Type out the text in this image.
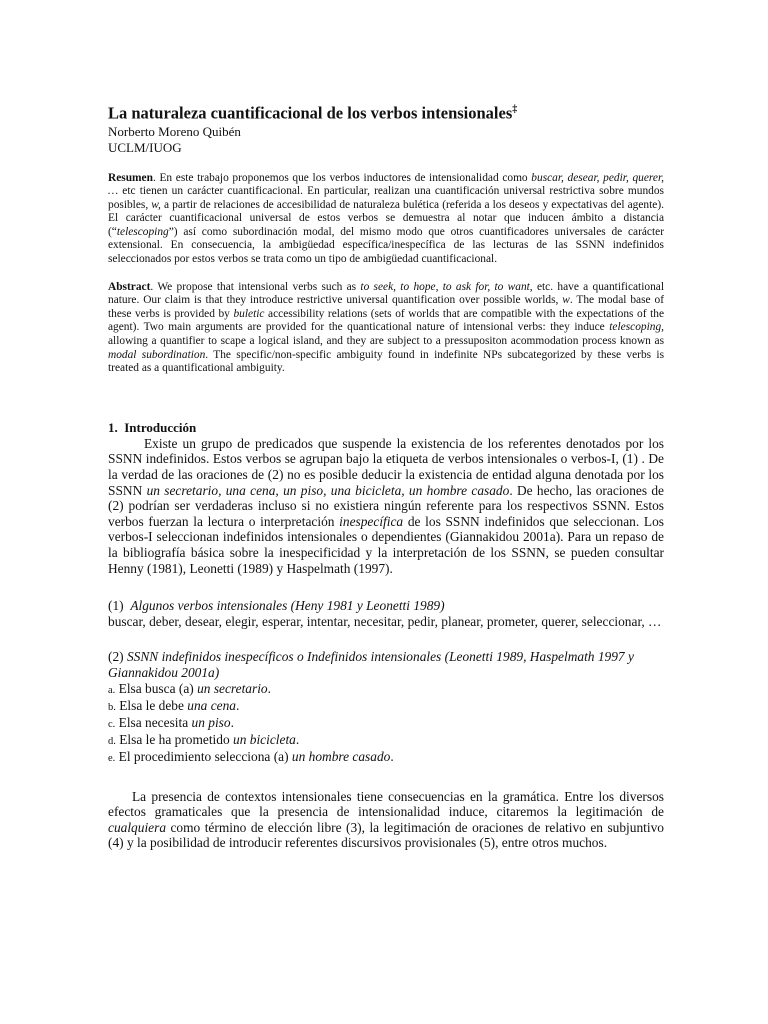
La naturaleza cuantificacional de los verbos intensionales‡

Norberto Moreno Quibén

UCLM/IUOG

Resumen. En este trabajo proponemos que los verbos inductores de intensionalidad como buscar, desear, pedir, querer, … etc tienen un carácter cuantificacional. En particular, realizan una cuantificación universal restrictiva sobre mundos posibles, w, a partir de relaciones de accesibilidad de naturaleza bulética (referida a los deseos y expectativas del agente). El carácter cuantificacional universal de estos verbos se demuestra al notar que inducen ámbito a distancia (“telescoping”) así como subordinación modal, del mismo modo que otros cuantificadores universales de carácter extensional. En consecuencia, la ambigüedad específica/inespecífica de las lecturas de las SSNN indefinidos seleccionados por estos verbos se trata como un tipo de ambigüedad cuantificacional.

Abstract. We propose that intensional verbs such as to seek, to hope, to ask for, to want, etc. have a quantificational nature. Our claim is that they introduce restrictive universal quantification over possible worlds, w. The modal base of these verbs is provided by buletic accessibility relations (sets of worlds that are compatible with the expectations of the agent). Two main arguments are provided for the quanticational nature of intensional verbs: they induce telescoping, allowing a quantifier to scape a logical island, and they are subject to a pressupositon acommodation process known as modal subordination. The specific/non-specific ambiguity found in indefinite NPs subcategorized by these verbs is treated as a quantificational ambiguity.

1. Introducción

Existe un grupo de predicados que suspende la existencia de los referentes denotados por los SSNN indefinidos. Estos verbos se agrupan bajo la etiqueta de verbos intensionales o verbos-I, (1) . De la verdad de las oraciones de (2) no es posible deducir la existencia de entidad alguna denotada por los SSNN un secretario, una cena, un piso, una bicicleta, un hombre casado. De hecho, las oraciones de (2) podrían ser verdaderas incluso si no existiera ningún referente para los respectivos SSNN. Estos verbos fuerzan la lectura o interpretación inespecífica de los SSNN indefinidos que seleccionan. Los verbos-I seleccionan indefinidos intensionales o dependientes (Giannakidou 2001a). Para un repaso de la bibliografía básica sobre la inespecificidad y la interpretación de los SSNN, se pueden consultar Henny (1981), Leonetti (1989) y Haspelmath (1997).

(1) Algunos verbos intensionales (Heny 1981 y Leonetti 1989)

buscar, deber, desear, elegir, esperar, intentar, necesitar, pedir, planear, prometer, querer, seleccionar, …

(2) SSNN indefinidos inespecíficos o Indefinidos intensionales (Leonetti 1989, Haspelmath 1997 y Giannakidou 2001a)

a. Elsa busca (a) un secretario.

b. Elsa le debe una cena.

c. Elsa necesita un piso.

d. Elsa le ha prometido un bicicleta.

e. El procedimiento selecciona (a) un hombre casado.

La presencia de contextos intensionales tiene consecuencias en la gramática. Entre los diversos efectos gramaticales que la presencia de intensionalidad induce, citaremos la legitimación de cualquiera como término de elección libre (3), la legitimación de oraciones de relativo en subjuntivo (4) y la posibilidad de introducir referentes discursivos provisionales (5), entre otros muchos.
